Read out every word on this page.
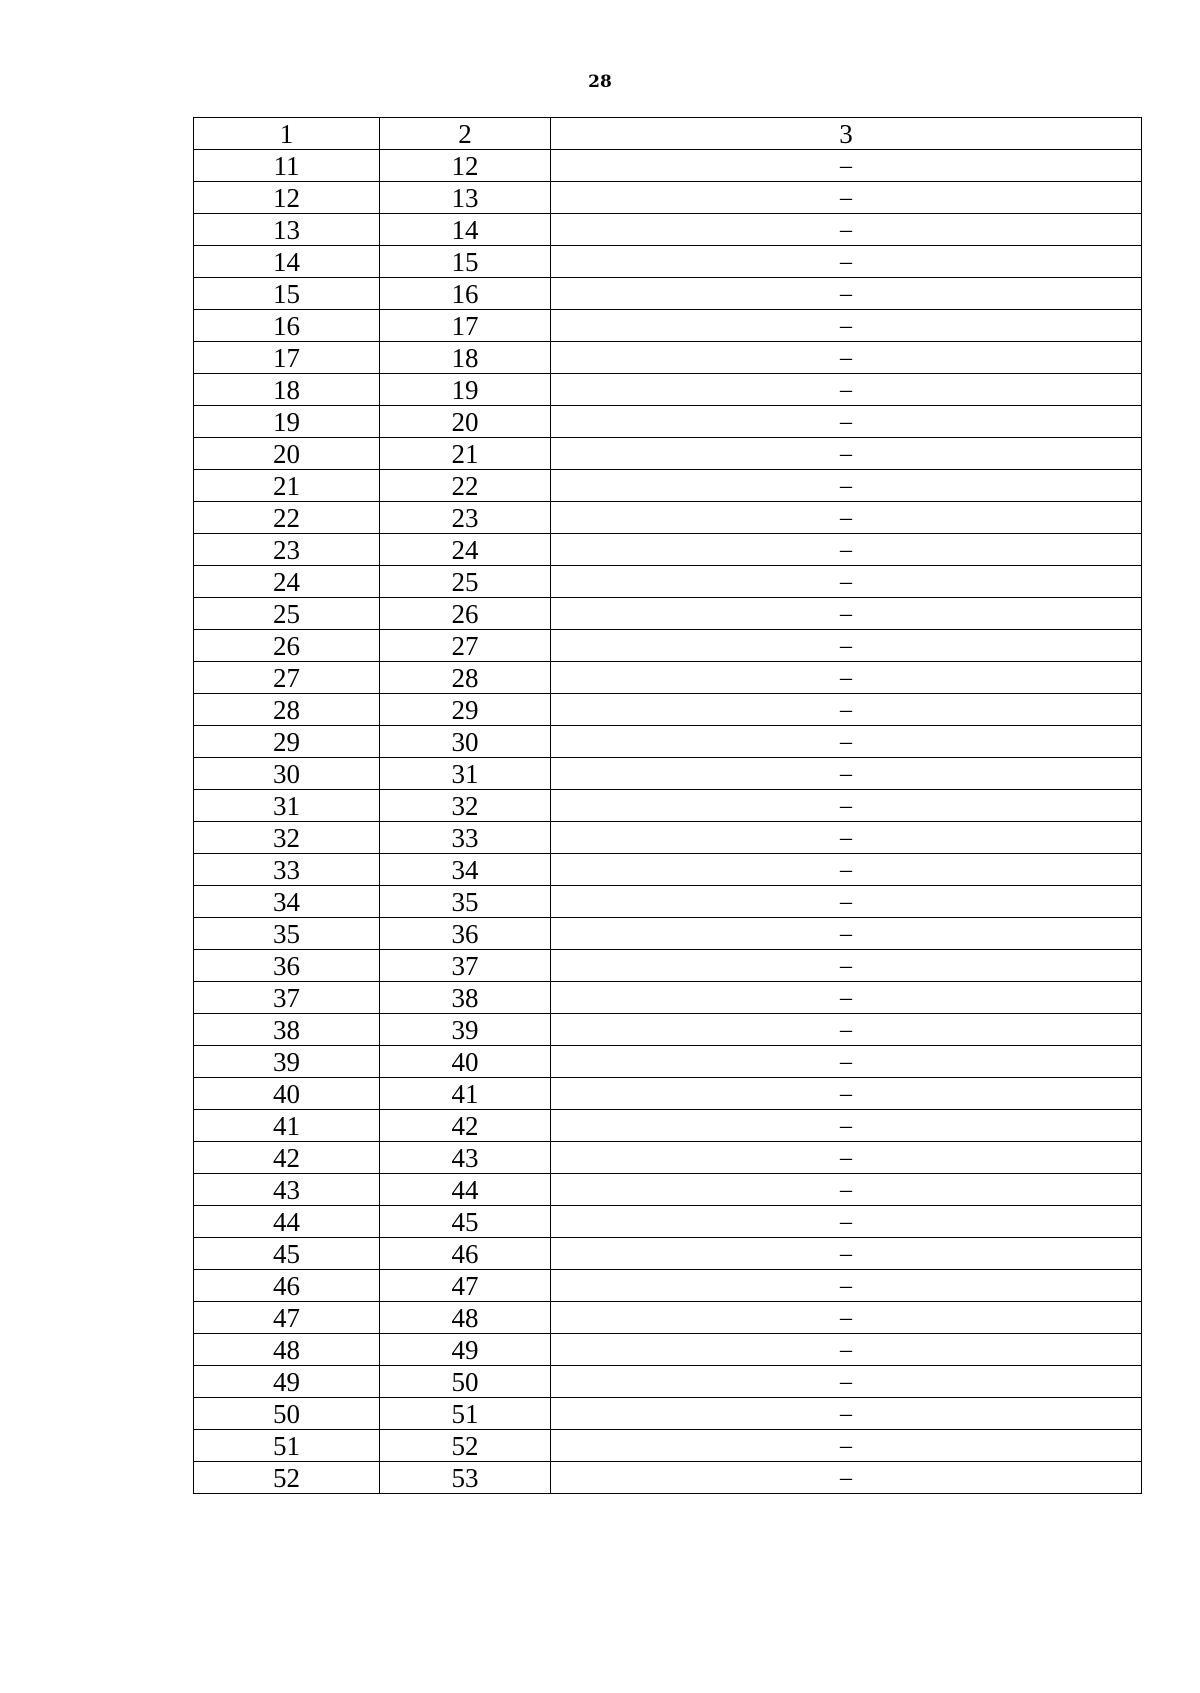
28
1	2	3
11	12	–
12	13	–
13	14	–
14	15	–
15	16	–
16	17	–
17	18	–
18	19	–
19	20	–
20	21	–
21	22	–
22	23	–
23	24	–
24	25	–
25	26	–
26	27	–
27	28	–
28	29	–
29	30	–
30	31	–
31	32	–
32	33	–
33	34	–
34	35	–
35	36	–
36	37	–
37	38	–
38	39	–
39	40	–
40	41	–
41	42	–
42	43	–
43	44	–
44	45	–
45	46	–
46	47	–
47	48	–
48	49	–
49	50	–
50	51	–
51	52	–
52	53	–
